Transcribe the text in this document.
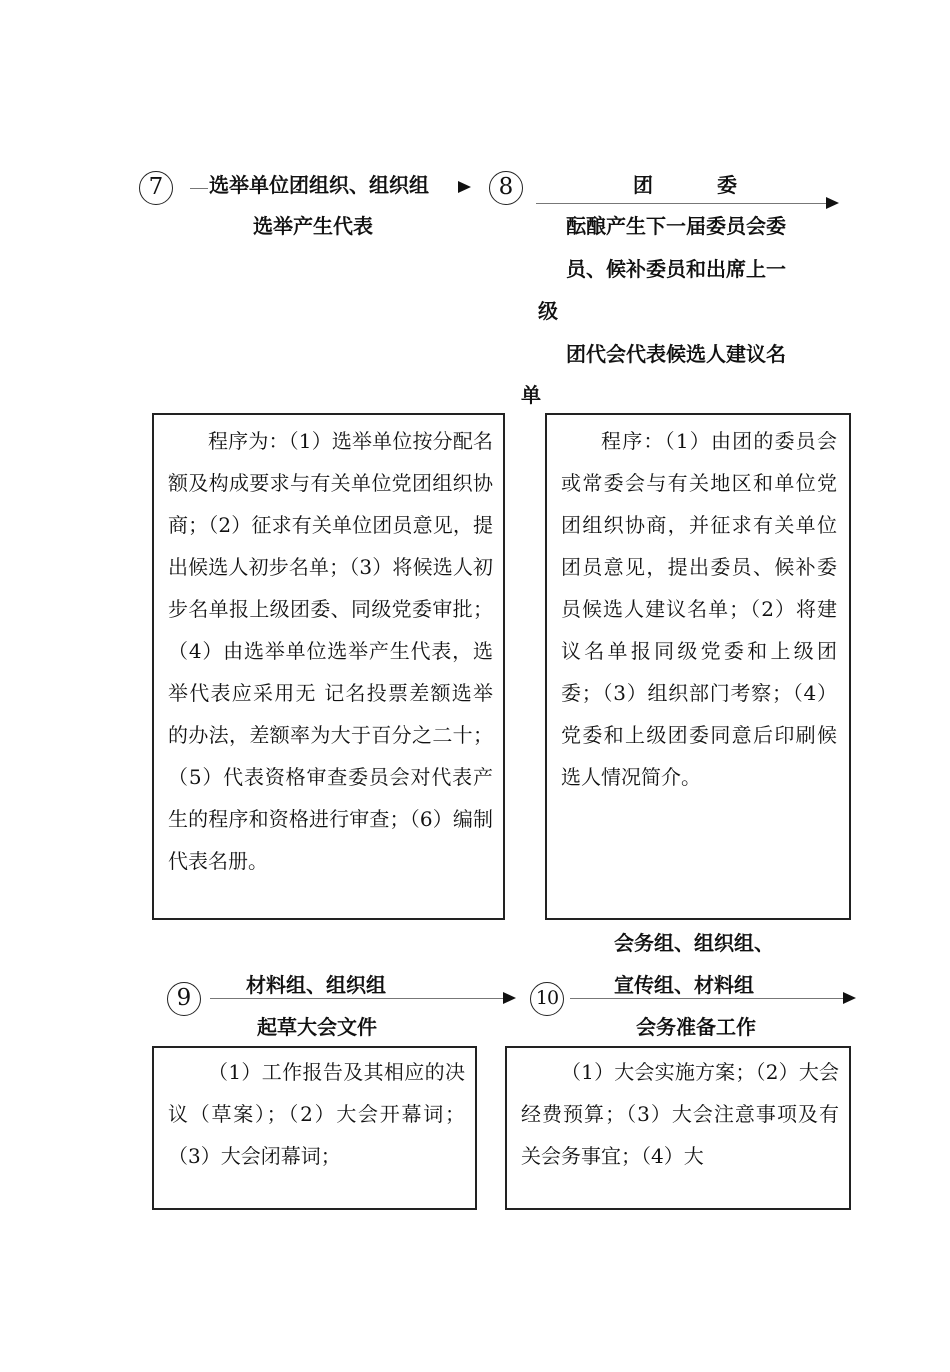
7	选举单位团组织、组织组
选举产生代表
8	团　　委
酝酿产生下一届委员会委
员、候补委员和出席上一
级
团代会代表候选人建议名
单
程序为：（1）选举单位按分配名额及构成要求与有关单位党团组织协商；（2）征求有关单位团员意见，提出候选人初步名单；（3）将候选人初步名单报上级团委、同级党委审批；（4）由选举单位选举产生代表，选举代表应采用无 记名投票差额选举的办法，差额率为大于百分之二十；（5）代表资格审查委员会对代表产生的程序和资格进行审查；（6）编制代表名册。
程序：（1）由团的委员会或常委会与有关地区和单位党团组织协商，并征求有关单位团员意见，提出委员、候补委员候选人建议名单；（2）将建议名单报同级党委和上级团委；（3）组织部门考察；（4）党委和上级团委同意后印刷候选人情况简介。
9	材料组、组织组
起草大会文件
会务组、组织组、
10
宣传组、材料组
会务准备工作
（1）工作报告及其相应的决议（草案）；（2）大会开幕词；（3）大会闭幕词；
（1）大会实施方案；（2）大会经费预算；（3）大会注意事项及有关会务事宜；（4）大
